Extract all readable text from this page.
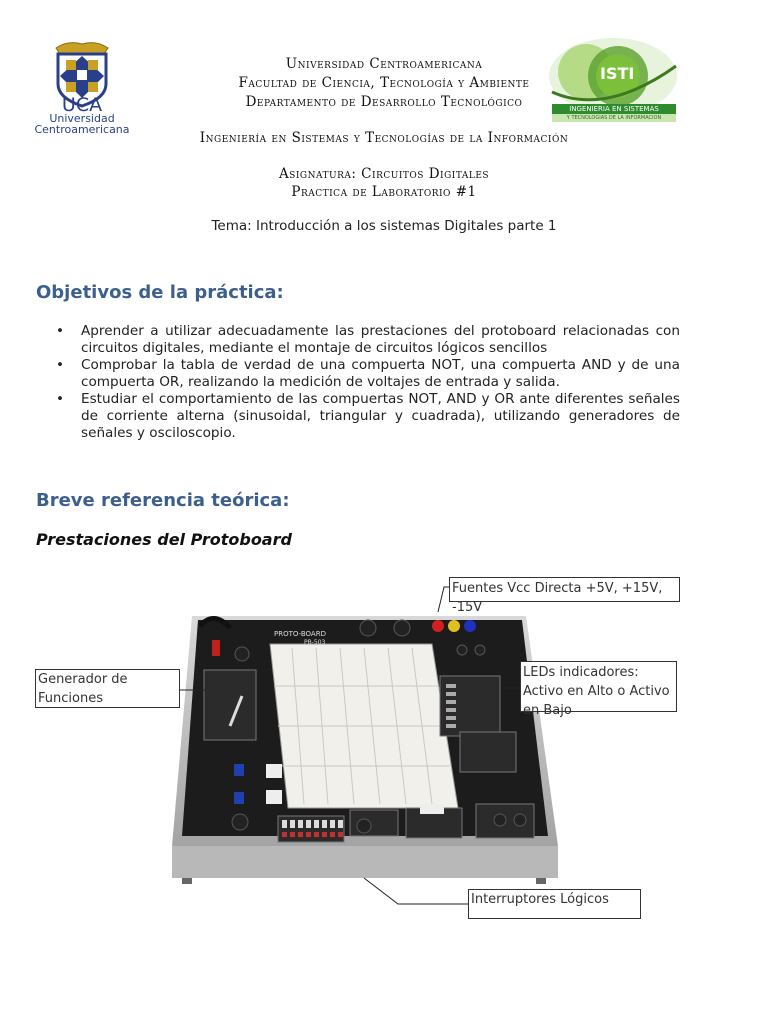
UCA
Universidad
Centroamericana
ISTI
INGENIERIA EN SISTEMAS
Y TECNOLOGIAS DE LA INFORMACION
Universidad Centroamericana
Facultad de Ciencia, Tecnología y Ambiente
Departamento de Desarrollo Tecnológico
Ingeniería en Sistemas y Tecnologías de la Información
Asignatura: Circuitos Digitales
Practica de Laboratorio #1
Tema: Introducción a los sistemas Digitales parte 1
Objetivos de la práctica:
• Aprender a utilizar adecuadamente las prestaciones del protoboard relacionadas con circuitos digitales, mediante el montaje de circuitos lógicos sencillos
• Comprobar la tabla de verdad de una compuerta NOT, una compuerta AND y de una compuerta OR, realizando la medición de voltajes de entrada y salida.
• Estudiar el comportamiento de las compuertas NOT, AND y OR ante diferentes señales de corriente alterna (sinusoidal, triangular y cuadrada), utilizando generadores de señales y osciloscopio.
Breve referencia teórica:
Prestaciones del Protoboard
PROTO-BOARD
PB-503
Fuentes Vcc Directa +5V, +15V, -15V
Generador de Funciones
LEDs indicadores: Activo en Alto o Activo en Bajo
Interruptores Lógicos
